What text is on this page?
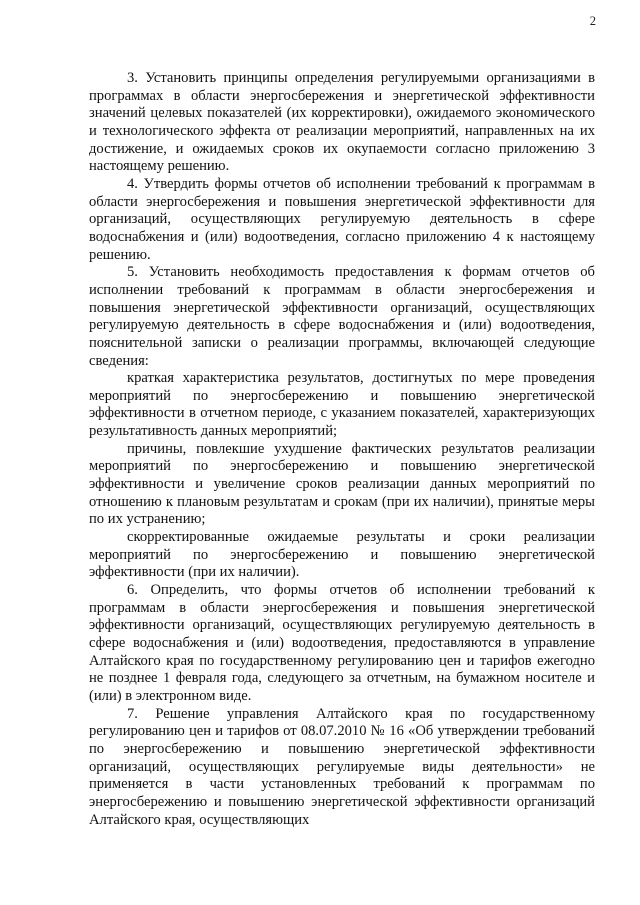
2

3. Установить принципы определения регулируемыми организациями в программах в области энергосбережения и энергетической эффективности значений целевых показателей (их корректировки), ожидаемого экономического и технологического эффекта от реализации мероприятий, направленных на их достижение, и ожидаемых сроков их окупаемости согласно приложению 3 настоящему решению.

4. Утвердить формы отчетов об исполнении требований к программам в области энергосбережения и повышения энергетической эффективности для организаций, осуществляющих регулируемую деятельность в сфере водоснабжения и (или) водоотведения, согласно приложению 4 к настоящему решению.

5. Установить необходимость предоставления к формам отчетов об исполнении требований к программам в области энергосбережения и повышения энергетической эффективности организаций, осуществляющих регулируемую деятельность в сфере водоснабжения и (или) водоотведения, пояснительной записки о реализации программы, включающей следующие сведения:

краткая характеристика результатов, достигнутых по мере проведения мероприятий по энергосбережению и повышению энергетической эффективности в отчетном периоде, с указанием показателей, характеризующих результативность данных мероприятий;

причины, повлекшие ухудшение фактических результатов реализации мероприятий по энергосбережению и повышению энергетической эффективности и увеличение сроков реализации данных мероприятий по отношению к плановым результатам и срокам (при их наличии), принятые меры по их устранению;

скорректированные ожидаемые результаты и сроки реализации мероприятий по энергосбережению и повышению энергетической эффективности (при их наличии).

6. Определить, что формы отчетов об исполнении требований к программам в области энергосбережения и повышения энергетической эффективности организаций, осуществляющих регулируемую деятельность в сфере водоснабжения и (или) водоотведения, предоставляются в управление Алтайского края по государственному регулированию цен и тарифов ежегодно не позднее 1 февраля года, следующего за отчетным, на бумажном носителе и (или) в электронном виде.

7. Решение управления Алтайского края по государственному регулированию цен и тарифов от 08.07.2010 № 16 «Об утверждении требований по энергосбережению и повышению энергетической эффективности организаций, осуществляющих регулируемые виды деятельности» не применяется в части установленных требований к программам по энергосбережению и повышению энергетической эффективности организаций Алтайского края, осуществляющих
